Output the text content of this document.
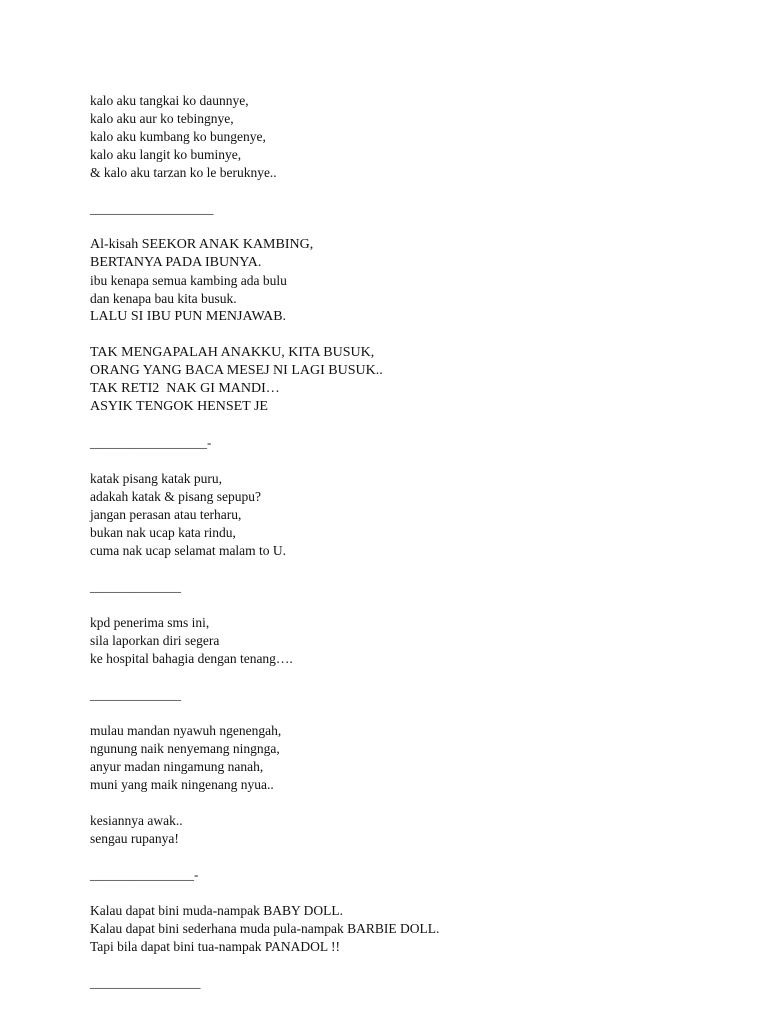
kalo aku tangkai ko daunnye,
kalo aku aur ko tebingnye,
kalo aku kumbang ko bungenye,
kalo aku langit ko buminye,
& kalo aku tarzan ko le beruknye..
___________________
Al-kisah SEEKOR ANAK KAMBING,
BERTANYA PADA IBUNYA.
ibu kenapa semua kambing ada bulu
dan kenapa bau kita busuk.
LALU SI IBU PUN MENJAWAB.
TAK MENGAPALAH ANAKKU, KITA BUSUK,
ORANG YANG BACA MESEJ NI LAGI BUSUK..
TAK RETI2  NAK GI MANDI…
ASYIK TENGOK HENSET JE
__________________-
katak pisang katak puru,
adakah katak & pisang sepupu?
jangan perasan atau terharu,
bukan nak ucap kata rindu,
cuma nak ucap selamat malam to U.
______________
kpd penerima sms ini,
sila laporkan diri segera
ke hospital bahagia dengan tenang….
______________
mulau mandan nyawuh ngenengah,
ngunung naik nenyemang ningnga,
anyur madan ningamung nanah,
muni yang maik ningenang nyua..
kesiannya awak..
sengau rupanya!
________________-
Kalau dapat bini muda-nampak BABY DOLL.
Kalau dapat bini sederhana muda pula-nampak BARBIE DOLL.
Tapi bila dapat bini tua-nampak PANADOL !!
_________________
